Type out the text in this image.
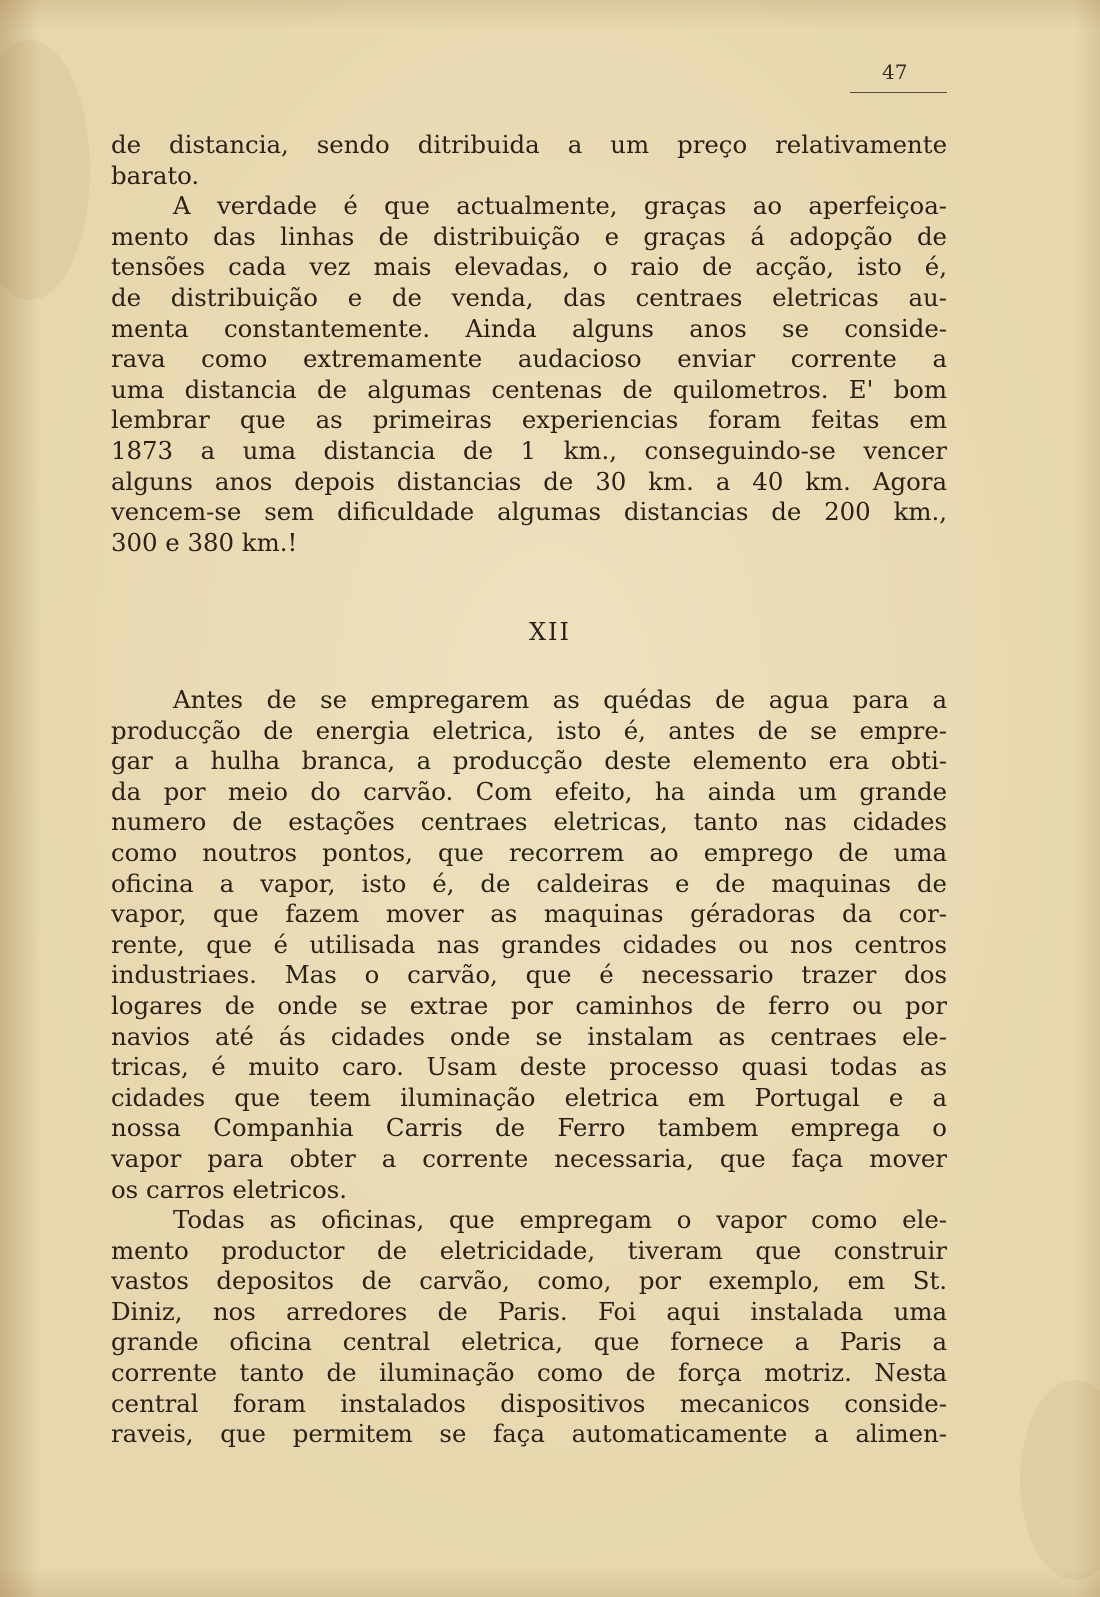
47
de distancia, sendo ditribuida a um preço relativamente
barato.
A verdade é que actualmente, graças ao aperfeiçoa-
mento das linhas de distribuição e graças á adopção de
tensões cada vez mais elevadas, o raio de acção, isto é,
de distribuição e de venda, das centraes eletricas au-
menta constantemente. Ainda alguns anos se conside-
rava como extremamente audacioso enviar corrente a
uma distancia de algumas centenas de quilometros. E' bom
lembrar que as primeiras experiencias foram feitas em
1873 a uma distancia de 1 km., conseguindo-se vencer
alguns anos depois distancias de 30 km. a 40 km. Agora
vencem-se sem dificuldade algumas distancias de 200 km.,
300 e 380 km.!
XII
Antes de se empregarem as quédas de agua para a
producção de energia eletrica, isto é, antes de se empre-
gar a hulha branca, a producção deste elemento era obti-
da por meio do carvão. Com efeito, ha ainda um grande
numero de estações centraes eletricas, tanto nas cidades
como noutros pontos, que recorrem ao emprego de uma
oficina a vapor, isto é, de caldeiras e de maquinas de
vapor, que fazem mover as maquinas géradoras da cor-
rente, que é utilisada nas grandes cidades ou nos centros
industriaes. Mas o carvão, que é necessario trazer dos
logares de onde se extrae por caminhos de ferro ou por
navios até ás cidades onde se instalam as centraes ele-
tricas, é muito caro. Usam deste processo quasi todas as
cidades que teem iluminação eletrica em Portugal e a
nossa Companhia Carris de Ferro tambem emprega o
vapor para obter a corrente necessaria, que faça mover
os carros eletricos.
Todas as oficinas, que empregam o vapor como ele-
mento productor de eletricidade, tiveram que construir
vastos depositos de carvão, como, por exemplo, em St.
Diniz, nos arredores de Paris. Foi aqui instalada uma
grande oficina central eletrica, que fornece a Paris a
corrente tanto de iluminação como de força motriz. Nesta
central foram instalados dispositivos mecanicos conside-
raveis, que permitem se faça automaticamente a alimen-
